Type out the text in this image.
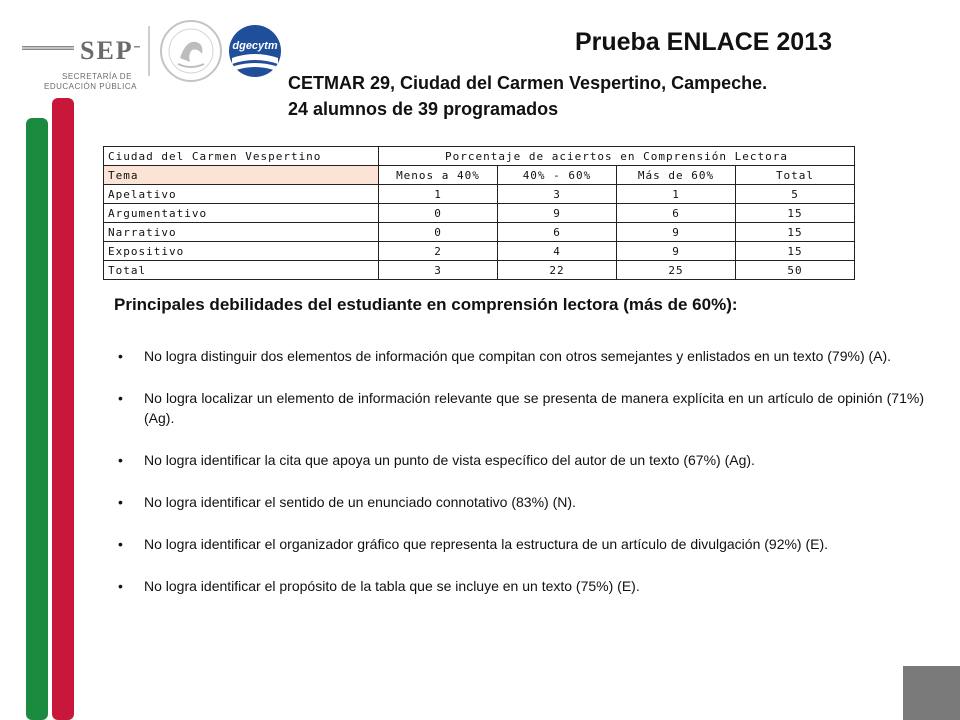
SEP
SECRETARÍA DE
EDUCACIÓN PÚBLICA
dgecytm	Prueba ENLACE 2013
CETMAR 29, Ciudad del Carmen Vespertino, Campeche.
24 alumnos de 39 programados
Ciudad del Carmen Vespertino	Porcentaje de aciertos en Comprensión Lectora			
Tema	Menos a 40%	40% - 60%	Más de 60%	Total
Apelativo	1	3	1	5
Argumentativo	0	9	6	15
Narrativo	0	6	9	15
Expositivo	2	4	9	15
Total	3	22	25	50
Principales debilidades del estudiante en comprensión lectora (más de 60%):
• No logra distinguir dos elementos de información que compitan con otros semejantes y enlistados en un texto (79%) (A).
• No logra localizar un elemento de información relevante que se presenta de manera explícita en un artículo de opinión (71%) (Ag).
• No logra identificar la cita que apoya un punto de vista específico del autor de un texto (67%) (Ag).
• No logra identificar el sentido de un enunciado connotativo (83%) (N).
• No logra identificar el organizador gráfico que representa la estructura de un artículo de divulgación (92%) (E).
• No logra identificar el propósito de la tabla que se incluye en un texto (75%) (E).
